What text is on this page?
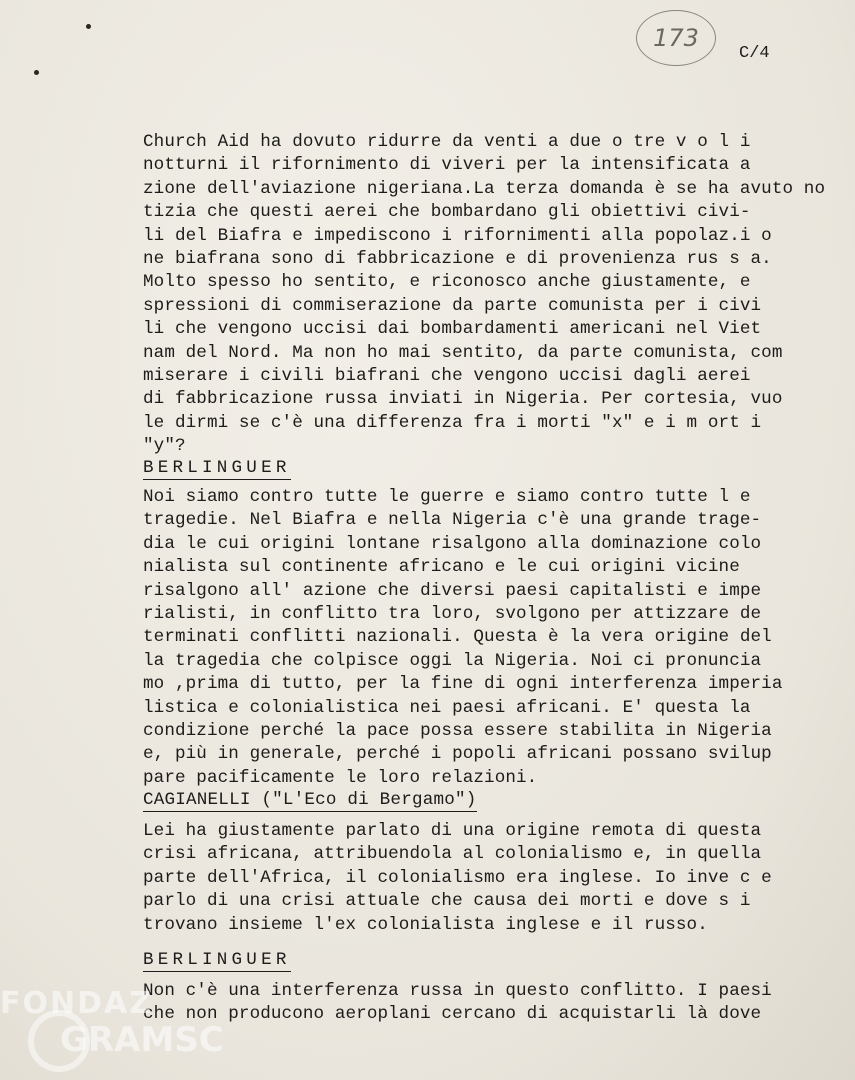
173
C/4
Church Aid ha dovuto ridurre da venti a due o tre v o l i
notturni il rifornimento di viveri per la intensificata a
zione dell'aviazione nigeriana.La terza domanda è se ha avuto no
tizia che questi aerei che bombardano gli obiettivi civi-
li del Biafra e impediscono i rifornimenti alla popolaz.i o
ne biafrana sono di fabbricazione e di provenienza rus s a.
Molto spesso ho sentito, e riconosco anche giustamente, e
spressioni di commiserazione da parte comunista per i civi
li che vengono uccisi dai bombardamenti americani nel Viet
nam del Nord. Ma non ho mai sentito, da parte comunista, com
miserare i civili biafrani che vengono uccisi dagli aerei
di fabbricazione russa inviati in Nigeria. Per cortesia, vuo
le dirmi se c'è una differenza fra i morti "x" e i m ort i
"y"?
BERLINGUER
Noi siamo contro tutte le guerre e siamo contro tutte l e
tragedie. Nel Biafra e nella Nigeria c'è una grande trage-
dia le cui origini lontane risalgono alla dominazione colo
nialista sul continente africano e le cui origini vicine
risalgono all' azione che diversi paesi capitalisti e impe
rialisti, in conflitto tra loro, svolgono per attizzare de
terminati conflitti nazionali. Questa è la vera origine del
la tragedia che colpisce oggi la Nigeria. Noi ci pronuncia
mo ,prima di tutto, per la fine di ogni interferenza imperia
listica e colonialistica nei paesi africani. E' questa la
condizione perché la pace possa essere stabilita in Nigeria
e, più in generale, perché i popoli africani possano svilup
pare pacificamente le loro relazioni.
CAGIANELLI ("L'Eco di Bergamo")
Lei ha giustamente parlato di una origine remota di questa
crisi africana, attribuendola al colonialismo e, in quella
parte dell'Africa, il colonialismo era inglese. Io inve c e
parlo di una crisi attuale che causa dei morti e dove s i
trovano insieme l'ex colonialista inglese e il russo.
BERLINGUER
Non c'è una interferenza russa in questo conflitto. I paesi
che non producono aeroplani cercano di acquistarli là dove
FONDAZ
GRAMSC
